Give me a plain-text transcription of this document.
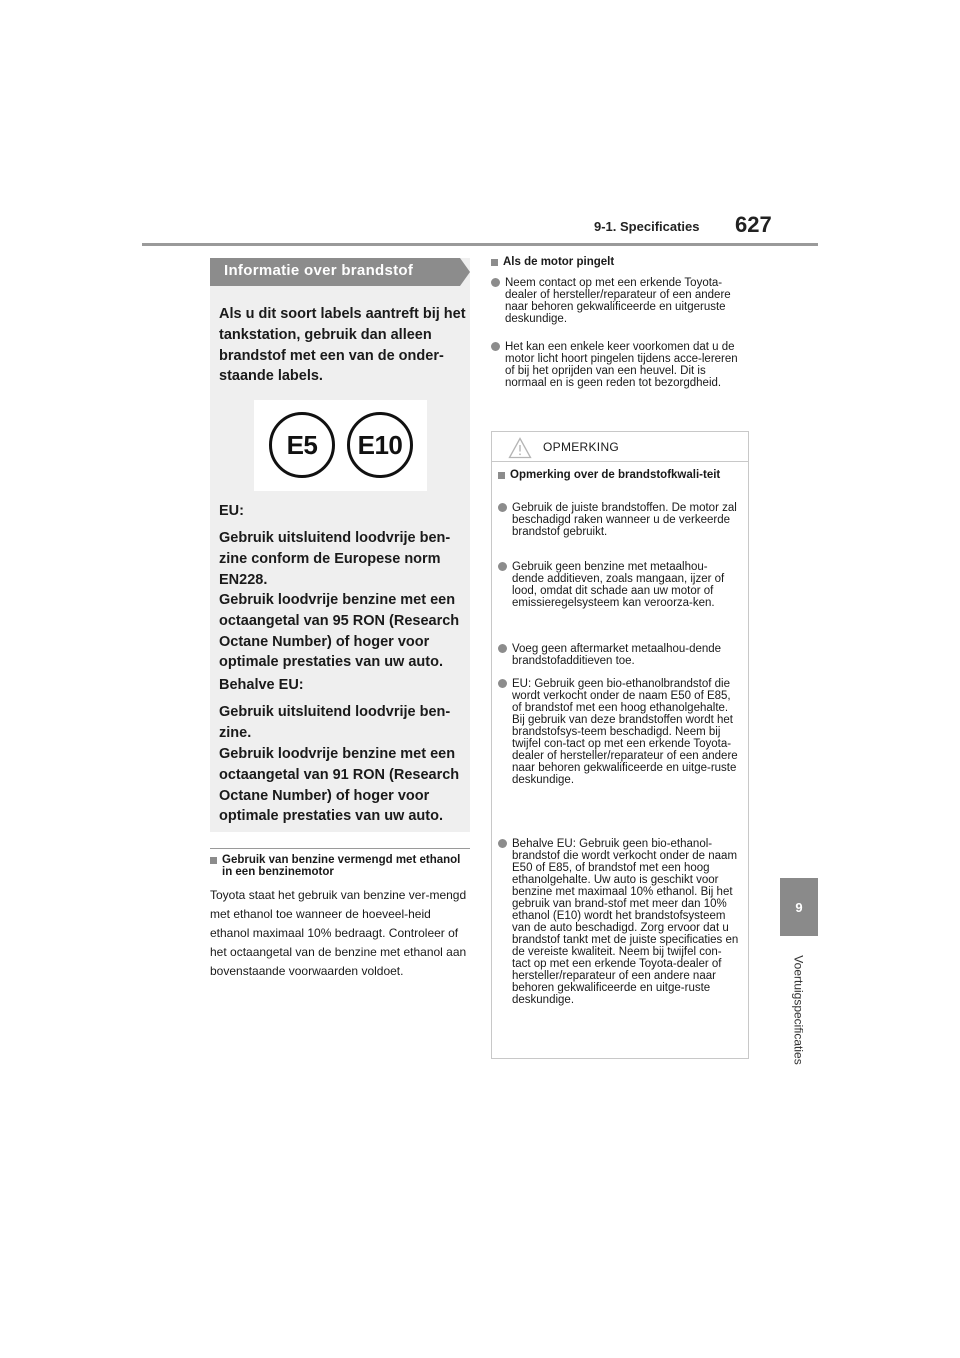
9-1. Specificaties 627
9
Voertuigspecificaties
Informatie over brandstof

Als u dit soort labels aantreft bij het tankstation, gebruik dan alleen brandstof met een van de onder-staande labels.

E5	E10

EU:

Gebruik uitsluitend loodvrije ben-zine conform de Europese norm EN228.

Gebruik loodvrije benzine met een octaangetal van 95 RON (Research Octane Number) of hoger voor optimale prestaties van uw auto.

Behalve EU:

Gebruik uitsluitend loodvrije ben-zine.

Gebruik loodvrije benzine met een octaangetal van 91 RON (Research Octane Number) of hoger voor optimale prestaties van uw auto.

Gebruik van benzine vermengd met ethanol in een benzinemotor

Toyota staat het gebruik van benzine ver-mengd met ethanol toe wanneer de hoeveel-heid ethanol maximaal 10% bedraagt. Controleer of het octaangetal van de benzine met ethanol aan bovenstaande voorwaarden voldoet.

Als de motor pingelt
Neem contact op met een erkende Toyota-dealer of hersteller/reparateur of een andere naar behoren gekwalificeerde en uitgeruste deskundige.
Het kan een enkele keer voorkomen dat u de motor licht hoort pingelen tijdens acce-lereren of bij het oprijden van een heuvel. Dit is normaal en is geen reden tot bezorgdheid.
OPMERKING
Opmerking over de brandstofkwali-teit
Gebruik de juiste brandstoffen. De motor zal beschadigd raken wanneer u de verkeerde brandstof gebruikt.
Gebruik geen benzine met metaalhou-dende additieven, zoals mangaan, ijzer of lood, omdat dit schade aan uw motor of emissieregelsysteem kan veroorza-ken.
Voeg geen aftermarket metaalhou-dende brandstofadditieven toe.
EU: Gebruik geen bio-ethanolbrandstof die wordt verkocht onder de naam E50 of E85, of brandstof met een hoog ethanolgehalte. Bij gebruik van deze brandstoffen wordt het brandstofsys-teem beschadigd. Neem bij twijfel con-tact op met een erkende Toyota-dealer of hersteller/reparateur of een andere naar behoren gekwalificeerde en uitge-ruste deskundige.
Behalve EU: Gebruik geen bio-ethanol-brandstof die wordt verkocht onder de naam E50 of E85, of brandstof met een hoog ethanolgehalte. Uw auto is geschikt voor benzine met maximaal 10% ethanol. Bij het gebruik van brand-stof met meer dan 10% ethanol (E10) wordt het brandstofsysteem van de auto beschadigd. Zorg ervoor dat u brandstof tankt met de juiste specificaties en de vereiste kwaliteit. Neem bij twijfel con-tact op met een erkende Toyota-dealer of hersteller/reparateur of een andere naar behoren gekwalificeerde en uitge-ruste deskundige.
